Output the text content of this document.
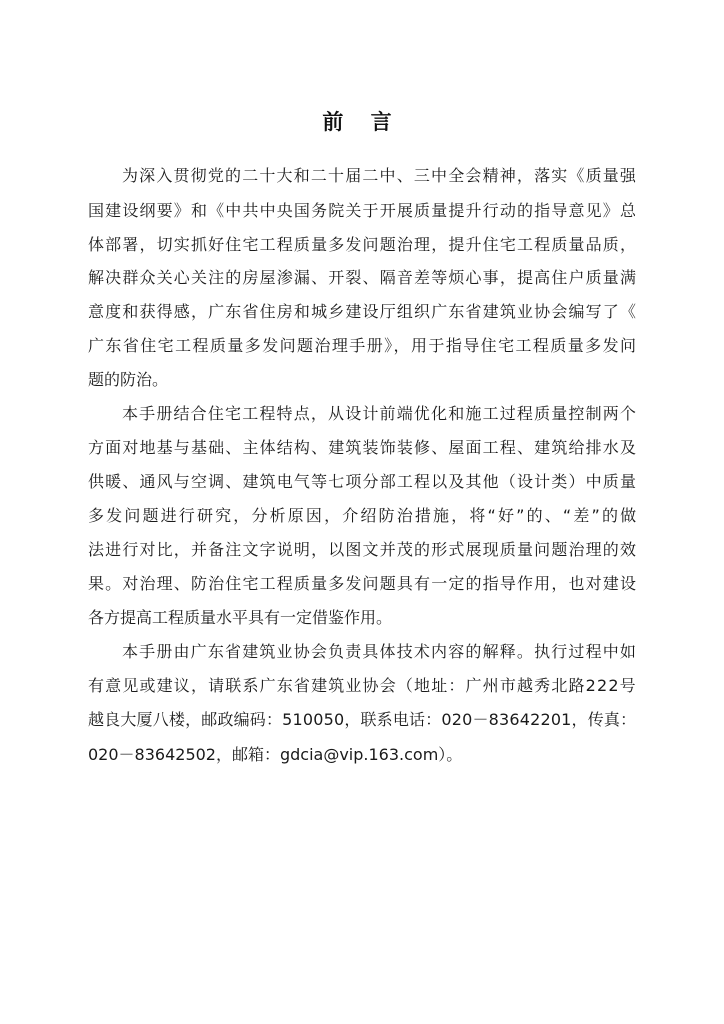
前 言
为深入贯彻党的二十大和二十届二中、三中全会精神，落实《质量强
国建设纲要》和《中共中央国务院关于开展质量提升行动的指导意见》总
体部署，切实抓好住宅工程质量多发问题治理，提升住宅工程质量品质，
解决群众关心关注的房屋渗漏、开裂、隔音差等烦心事，提高住户质量满
意度和获得感，广东省住房和城乡建设厅组织广东省建筑业协会编写了《
广东省住宅工程质量多发问题治理手册》，用于指导住宅工程质量多发问
题的防治。
本手册结合住宅工程特点，从设计前端优化和施工过程质量控制两个
方面对地基与基础、主体结构、建筑装饰装修、屋面工程、建筑给排水及
供暖、通风与空调、建筑电气等七项分部工程以及其他（设计类）中质量
多发问题进行研究，分析原因，介绍防治措施，将“好”的、“差”的做
法进行对比，并备注文字说明，以图文并茂的形式展现质量问题治理的效
果。对治理、防治住宅工程质量多发问题具有一定的指导作用，也对建设
各方提高工程质量水平具有一定借鉴作用。
本手册由广东省建筑业协会负责具体技术内容的解释。执行过程中如
有意见或建议，请联系广东省建筑业协会（地址：广州市越秀北路222号
越良大厦八楼，邮政编码：510050，联系电话：020－83642201，传真：
020－83642502，邮箱：gdcia@vip.163.com）。
